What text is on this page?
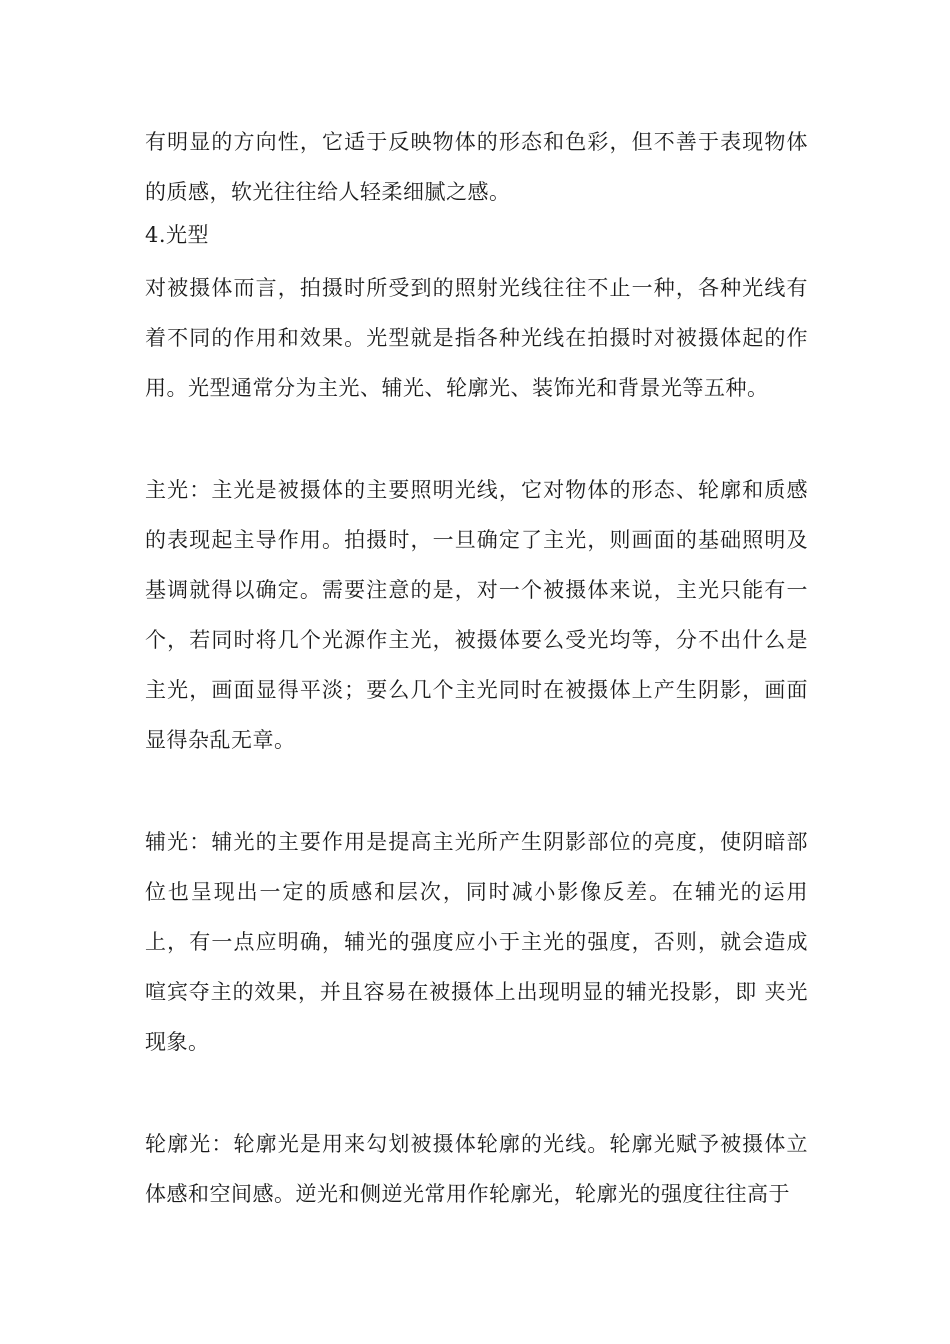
有明显的方向性，它适于反映物体的形态和色彩，但不善于表现物体的质感，软光往往给人轻柔细腻之感。

4.光型

对被摄体而言，拍摄时所受到的照射光线往往不止一种，各种光线有着不同的作用和效果。光型就是指各种光线在拍摄时对被摄体起的作用。光型通常分为主光、辅光、轮廓光、装饰光和背景光等五种。

主光：主光是被摄体的主要照明光线，它对物体的形态、轮廓和质感的表现起主导作用。拍摄时，一旦确定了主光，则画面的基础照明及基调就得以确定。需要注意的是，对一个被摄体来说，主光只能有一个，若同时将几个光源作主光，被摄体要么受光均等，分不出什么是主光，画面显得平淡；要么几个主光同时在被摄体上产生阴影，画面显得杂乱无章。

辅光：辅光的主要作用是提高主光所产生阴影部位的亮度，使阴暗部位也呈现出一定的质感和层次，同时减小影像反差。在辅光的运用上，有一点应明确，辅光的强度应小于主光的强度，否则，就会造成喧宾夺主的效果，并且容易在被摄体上出现明显的辅光投影，即 夹光 现象。

轮廓光：轮廓光是用来勾划被摄体轮廓的光线。轮廓光赋予被摄体立体感和空间感。逆光和侧逆光常用作轮廓光，轮廓光的强度往往高于
